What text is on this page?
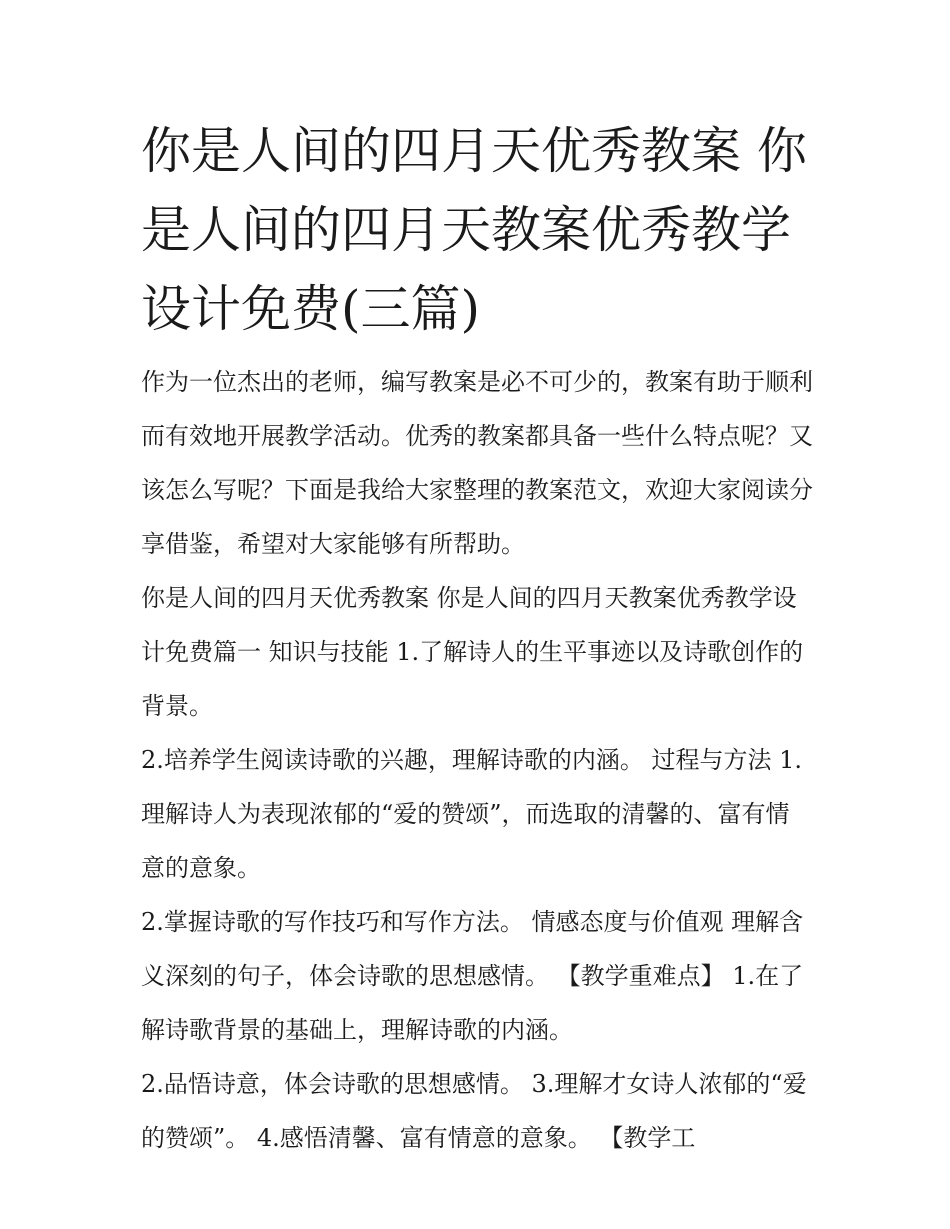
你是人间的四月天优秀教案 你是人间的四月天教案优秀教学设计免费(三篇)

作为一位杰出的老师，编写教案是必不可少的，教案有助于顺利而有效地开展教学活动。优秀的教案都具备一些什么特点呢？又该怎么写呢？下面是我给大家整理的教案范文，欢迎大家阅读分享借鉴，希望对大家能够有所帮助。

你是人间的四月天优秀教案 你是人间的四月天教案优秀教学设计免费篇一 知识与技能 1.了解诗人的生平事迹以及诗歌创作的背景。

2.培养学生阅读诗歌的兴趣，理解诗歌的内涵。 过程与方法 1.理解诗人为表现浓郁的“爱的赞颂”，而选取的清馨的、富有情意的意象。

2.掌握诗歌的写作技巧和写作方法。 情感态度与价值观 理解含义深刻的句子，体会诗歌的思想感情。 【教学重难点】 1.在了解诗歌背景的基础上，理解诗歌的内涵。

2.品悟诗意，体会诗歌的思想感情。 3.理解才女诗人浓郁的“爱的赞颂”。 4.感悟清馨、富有情意的意象。 【教学工
